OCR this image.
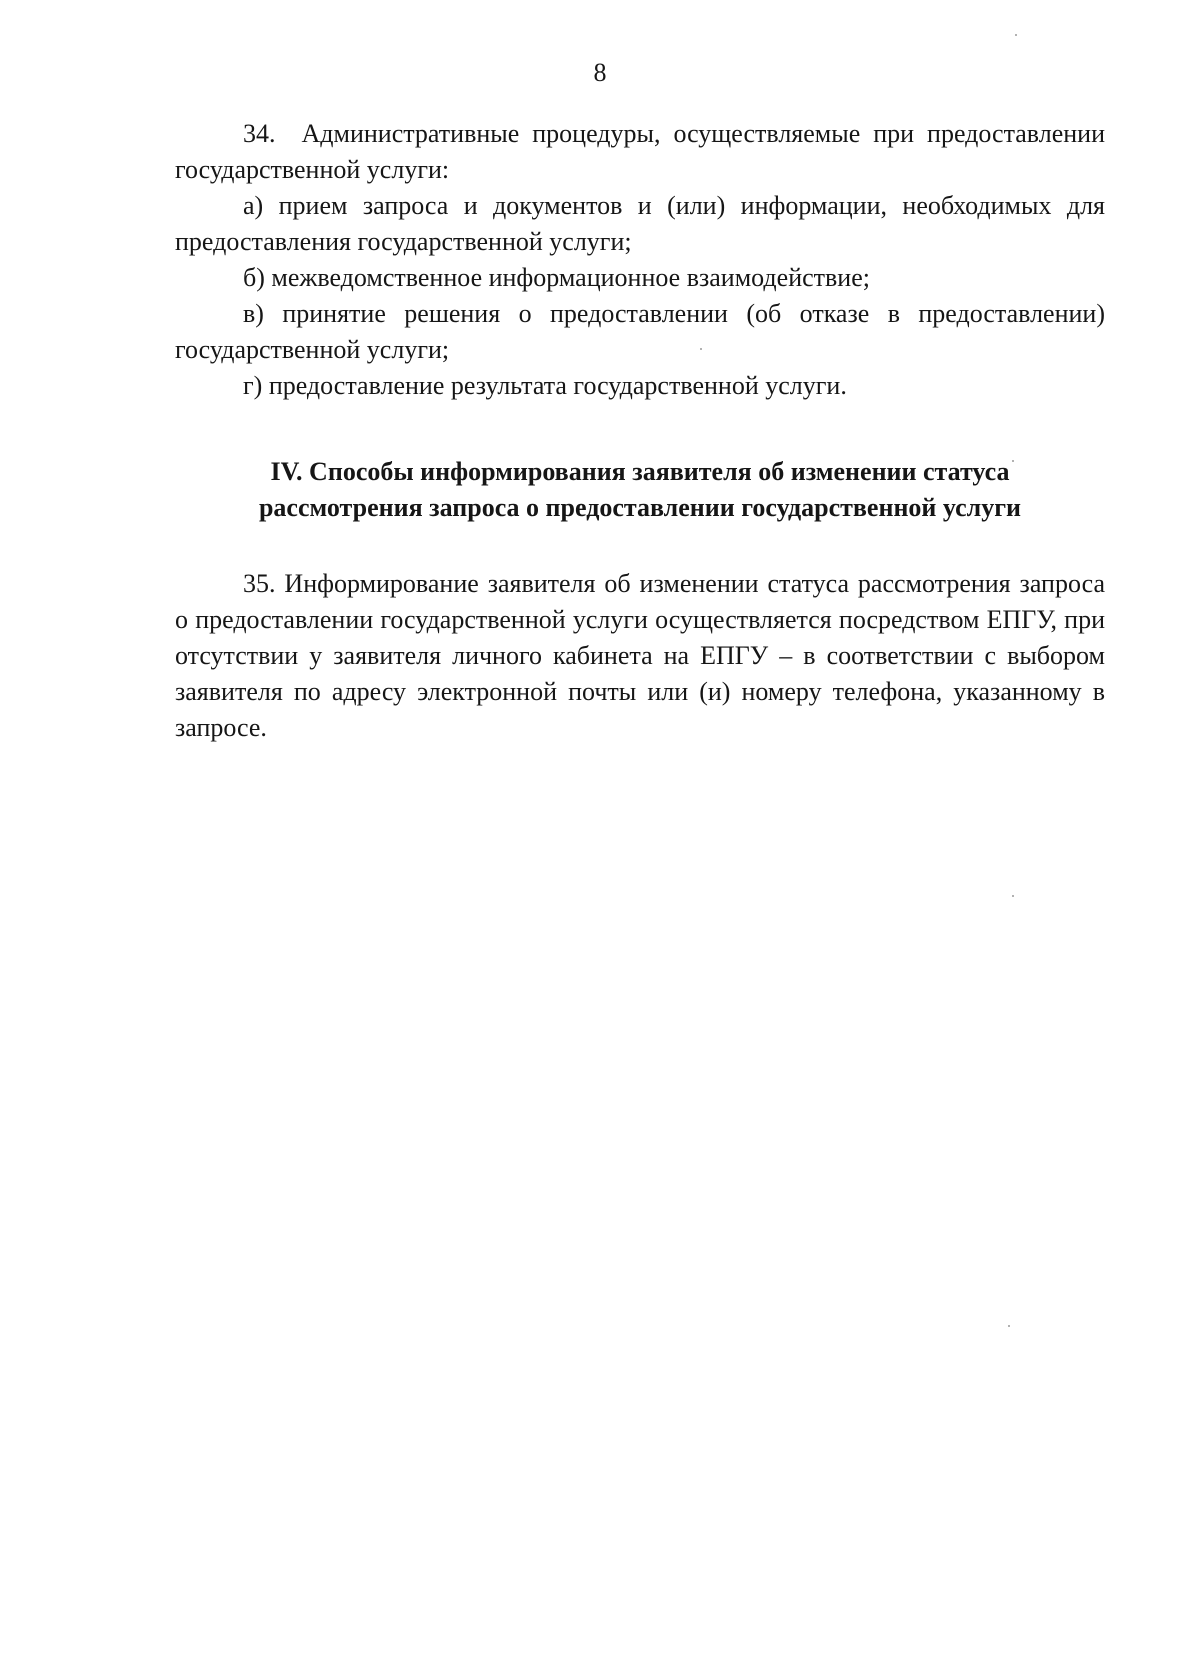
8

34. Административные процедуры, осуществляемые при предоставлении государственной услуги:

а) прием запроса и документов и (или) информации, необходимых для предоставления государственной услуги;

б) межведомственное информационное взаимодействие;

в) принятие решения о предоставлении (об отказе в предоставлении) государственной услуги;

г) предоставление результата государственной услуги.

IV. Способы информирования заявителя об изменении статуса
рассмотрения запроса о предоставлении государственной услуги

35. Информирование заявителя об изменении статуса рассмотрения запроса о предоставлении государственной услуги осуществляется посредством ЕПГУ, при отсутствии у заявителя личного кабинета на ЕПГУ – в соответствии с выбором заявителя по адресу электронной почты или (и) номеру телефона, указанному в запросе.
